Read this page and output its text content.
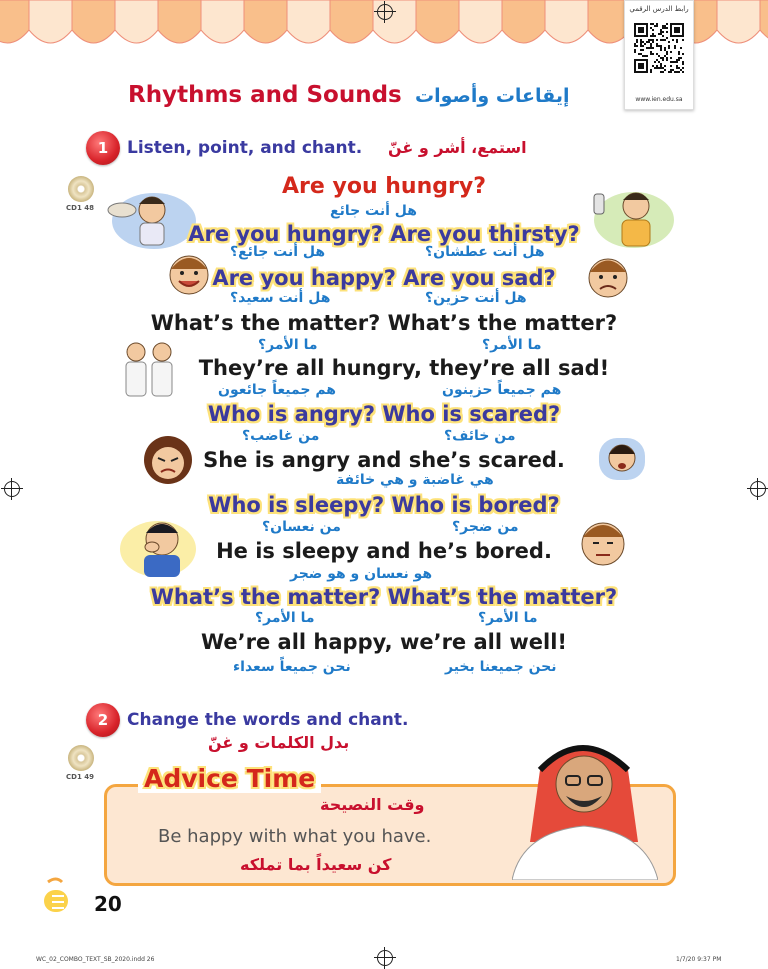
رابط الدرس الرقمي
www.ien.edu.sa
Rhythms and Sounds إيقاعات وأصوات
1	Listen, point, and chant. استمع، أشر و غنّ
CD1 48
Are you hungry?
هل أنت جائع
Are you hungry? Are you thirsty?
هل أنت جائع؟	هل أنت عطشان؟
Are you happy? Are you sad?
هل أنت سعيد؟	هل أنت حزين؟
What’s the matter? What’s the matter?
ما الأمر؟	ما الأمر؟
They’re all hungry, they’re all sad!
هم جميعاً جائعون	هم جميعاً حزينون
Who is angry? Who is scared?
من غاضب؟	من خائف؟
She is angry and she’s scared.
هي غاضبة و هي خائفة
Who is sleepy? Who is bored?
من نعسان؟	من ضجر؟
He is sleepy and he’s bored.
هو نعسان و هو ضجر
What’s the matter? What’s the matter?
ما الأمر؟	ما الأمر؟
We’re all happy, we’re all well!
نحن جميعاً سعداء	نحن جميعنا بخير
2	Change the words and chant.
بدل الكلمات و غنّ
CD1 49 Advice Time
وقت النصيحة
Be happy with what you have.
كن سعيداً بما تملكه
20
WC_02_COMBO_TEXT_SB_2020.indd 26	1/7/20 9:37 PM
